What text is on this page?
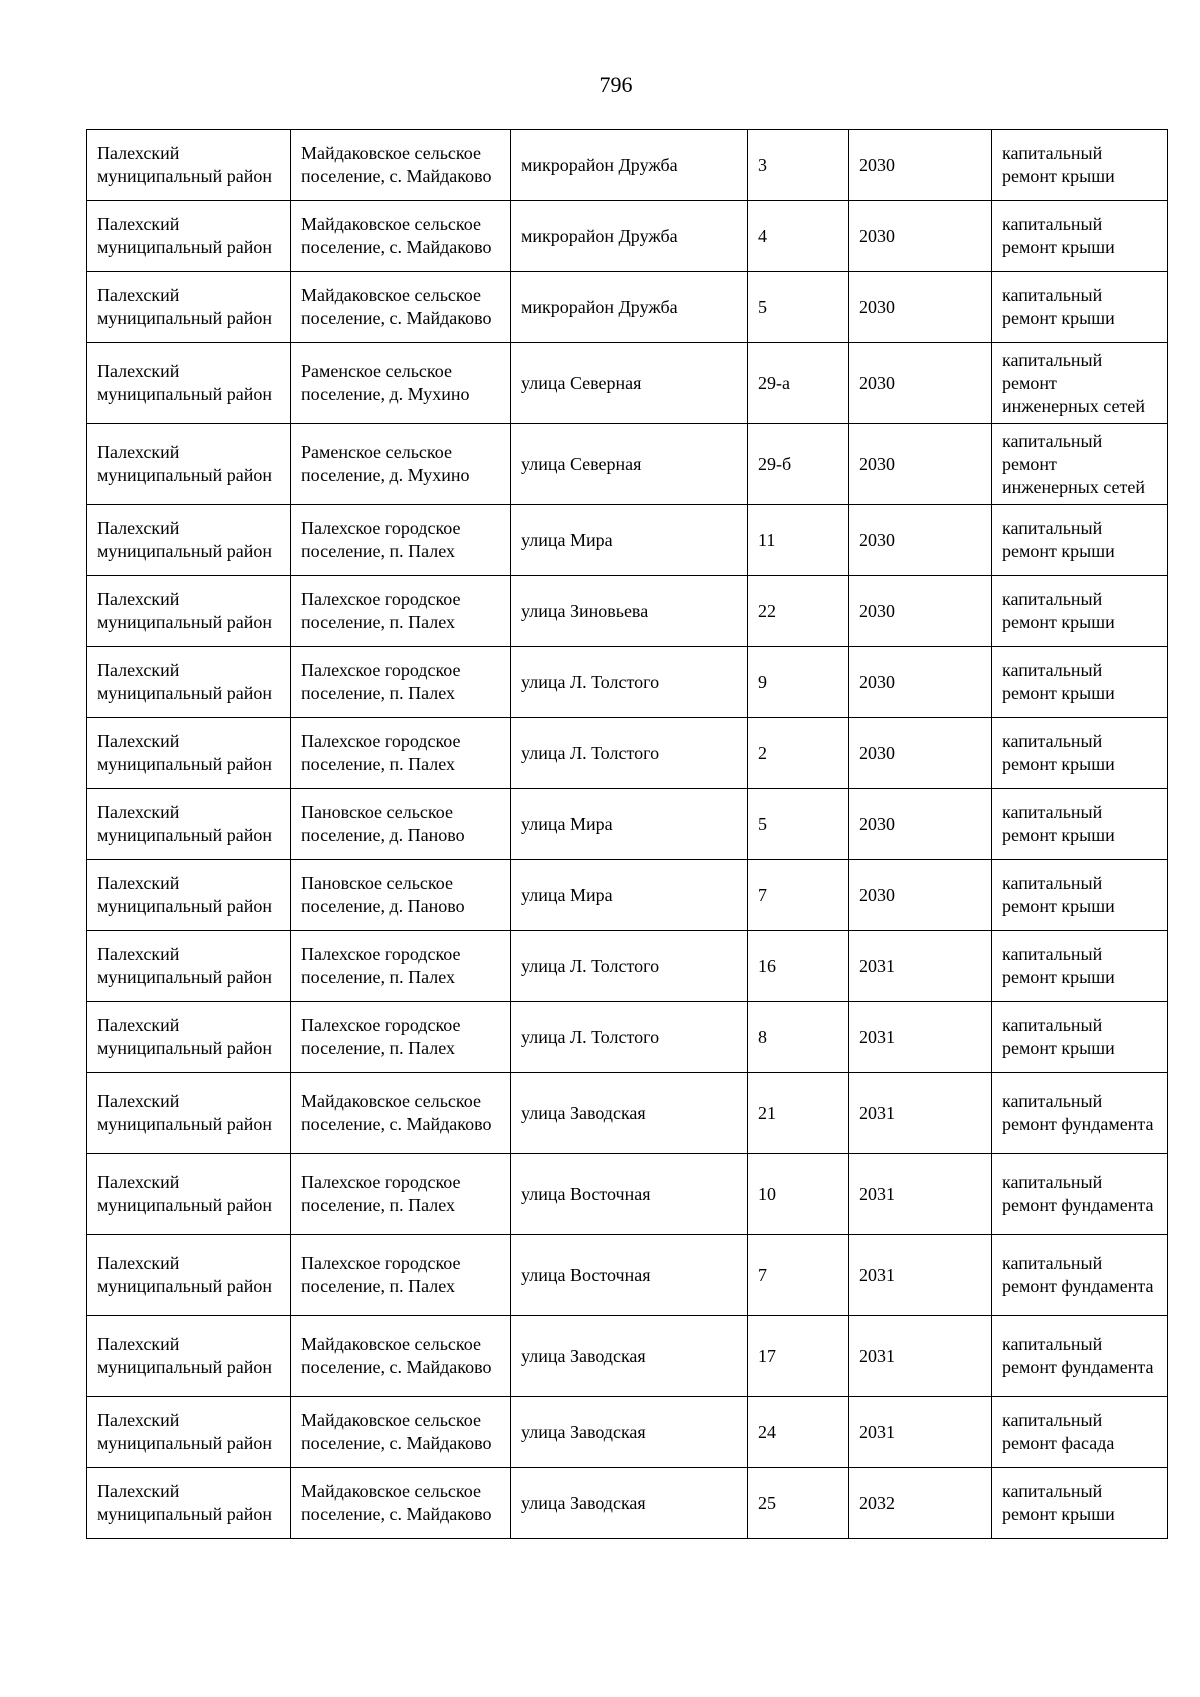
796
Палехский муниципальный район	Майдаковское сельское поселение, с. Майдаково	микрорайон Дружба	3	2030	капитальный ремонт крыши
Палехский муниципальный район	Майдаковское сельское поселение, с. Майдаково	микрорайон Дружба	4	2030	капитальный ремонт крыши
Палехский муниципальный район	Майдаковское сельское поселение, с. Майдаково	микрорайон Дружба	5	2030	капитальный ремонт крыши
Палехский муниципальный район	Раменское сельское поселение, д. Мухино	улица Северная	29-а	2030	капитальный ремонт инженерных сетей
Палехский муниципальный район	Раменское сельское поселение, д. Мухино	улица Северная	29-б	2030	капитальный ремонт инженерных сетей
Палехский муниципальный район	Палехское городское поселение, п. Палех	улица Мира	11	2030	капитальный ремонт крыши
Палехский муниципальный район	Палехское городское поселение, п. Палех	улица Зиновьева	22	2030	капитальный ремонт крыши
Палехский муниципальный район	Палехское городское поселение, п. Палех	улица Л. Толстого	9	2030	капитальный ремонт крыши
Палехский муниципальный район	Палехское городское поселение, п. Палех	улица Л. Толстого	2	2030	капитальный ремонт крыши
Палехский муниципальный район	Пановское сельское поселение, д. Паново	улица Мира	5	2030	капитальный ремонт крыши
Палехский муниципальный район	Пановское сельское поселение, д. Паново	улица Мира	7	2030	капитальный ремонт крыши
Палехский муниципальный район	Палехское городское поселение, п. Палех	улица Л. Толстого	16	2031	капитальный ремонт крыши
Палехский муниципальный район	Палехское городское поселение, п. Палех	улица Л. Толстого	8	2031	капитальный ремонт крыши
Палехский муниципальный район	Майдаковское сельское поселение, с. Майдаково	улица Заводская	21	2031	капитальный ремонт фундамента
Палехский муниципальный район	Палехское городское поселение, п. Палех	улица Восточная	10	2031	капитальный ремонт фундамента
Палехский муниципальный район	Палехское городское поселение, п. Палех	улица Восточная	7	2031	капитальный ремонт фундамента
Палехский муниципальный район	Майдаковское сельское поселение, с. Майдаково	улица Заводская	17	2031	капитальный ремонт фундамента
Палехский муниципальный район	Майдаковское сельское поселение, с. Майдаково	улица Заводская	24	2031	капитальный ремонт фасада
Палехский муниципальный район	Майдаковское сельское поселение, с. Майдаково	улица Заводская	25	2032	капитальный ремонт крыши
